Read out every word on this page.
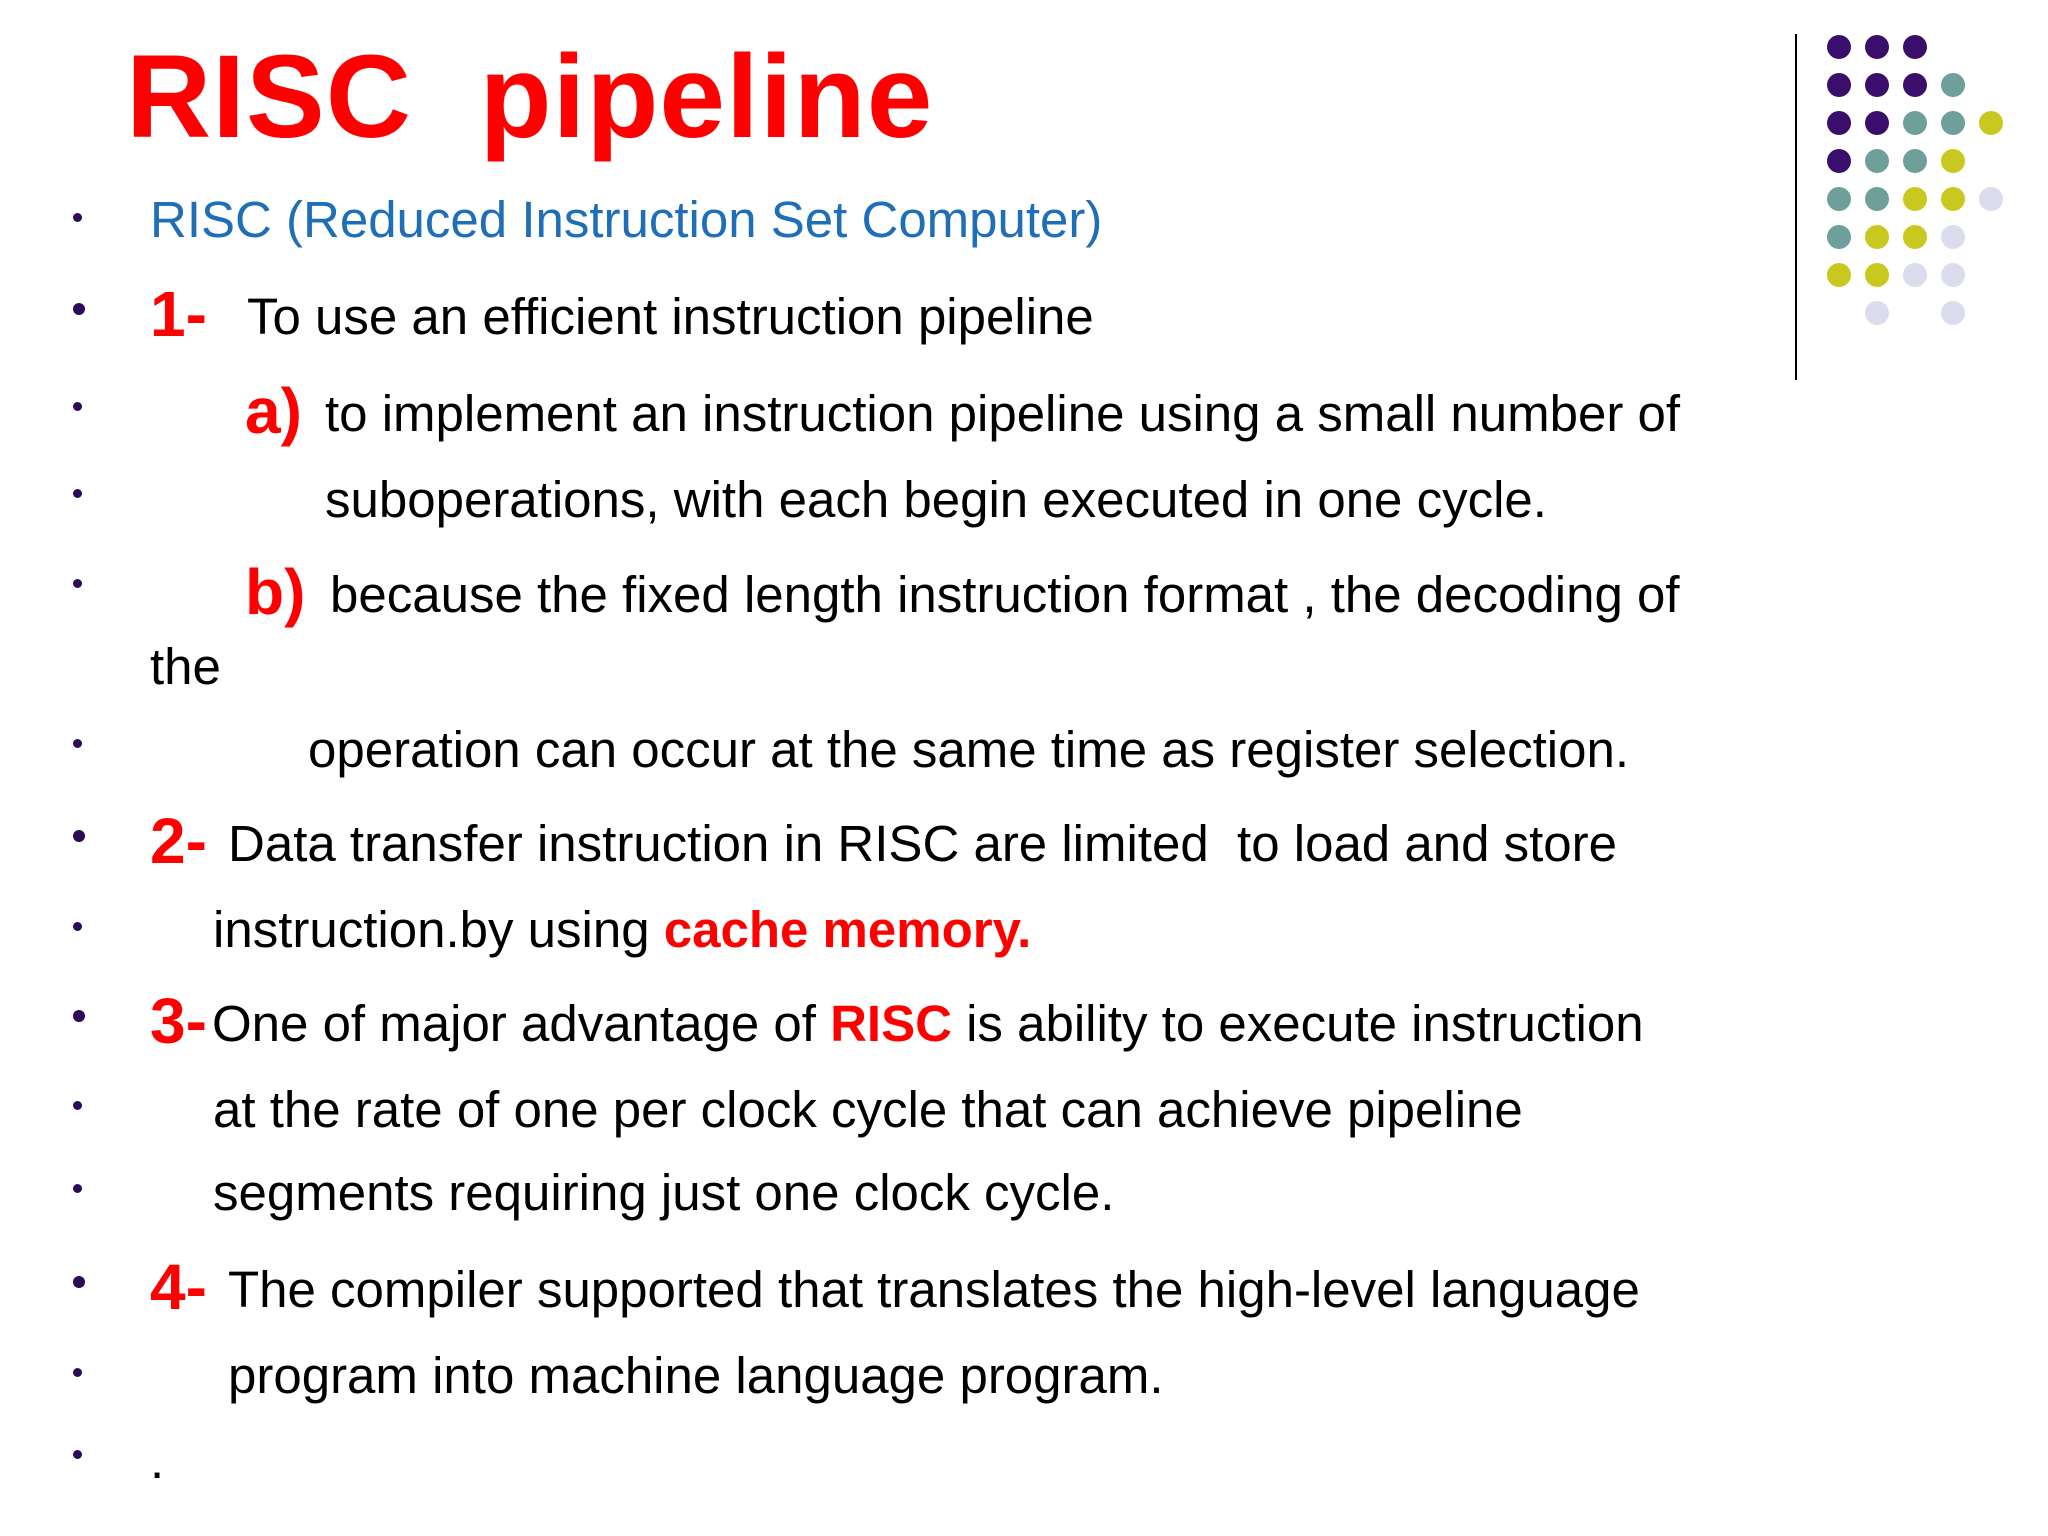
RISC  pipeline
RISC (Reduced Instruction Set Computer)
1- To use an efficient instruction pipeline
a) to implement an instruction pipeline using a small number of
suboperations, with each begin executed in one cycle.
b) because the fixed length instruction format , the decoding of
the
operation can occur at the same time as register selection.
2- Data transfer instruction in RISC are limited  to load and store
instruction.by using cache memory.
3- One of major advantage of RISC is ability to execute instruction
at the rate of one per clock cycle that can achieve pipeline
segments requiring just one clock cycle.
4- The compiler supported that translates the high-level language
program into machine language program.
.
